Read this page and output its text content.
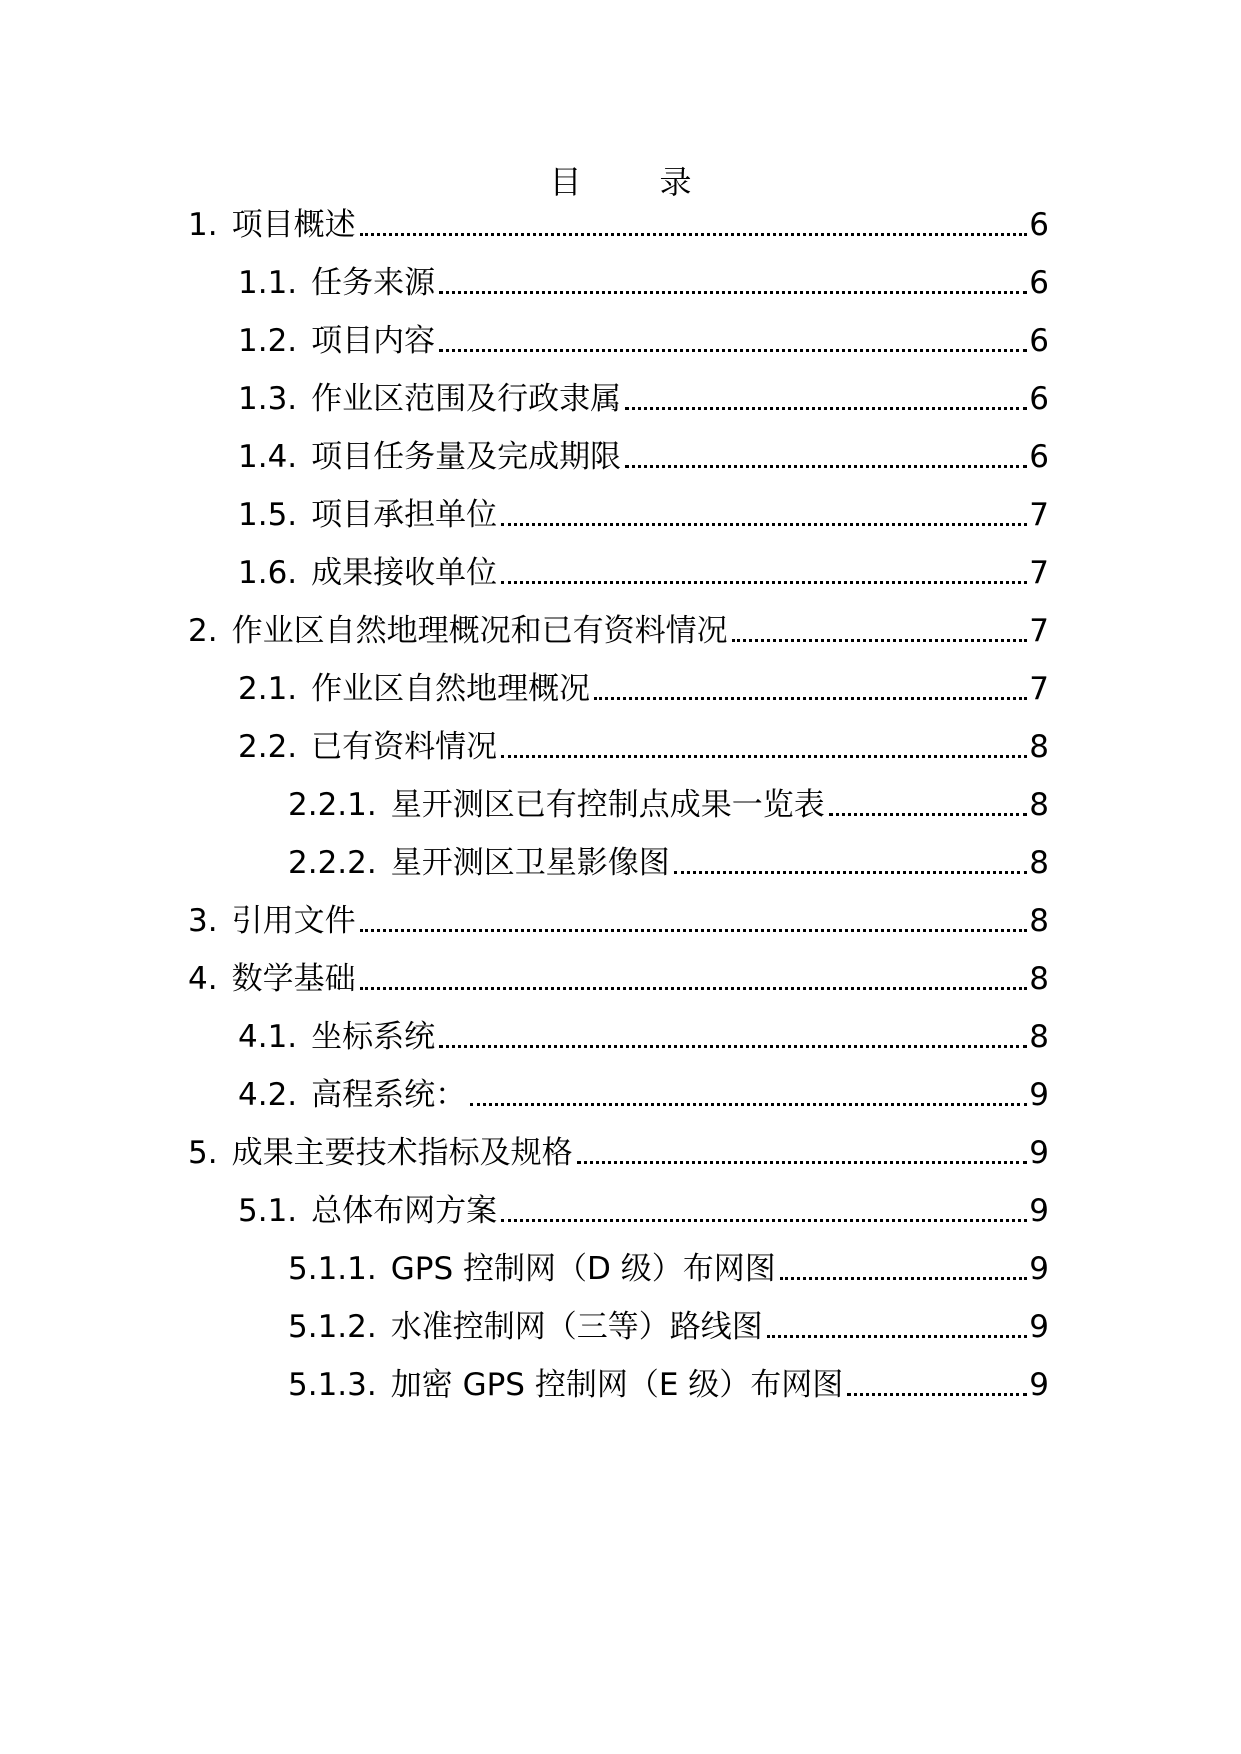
目 录
1. 项目概述	6
1.1. 任务来源	6
1.2. 项目内容	6
1.3. 作业区范围及行政隶属	6
1.4. 项目任务量及完成期限	6
1.5. 项目承担单位	7
1.6. 成果接收单位	7
2. 作业区自然地理概况和已有资料情况	7
2.1. 作业区自然地理概况	7
2.2. 已有资料情况	8
2.2.1. 星开测区已有控制点成果一览表	8
2.2.2. 星开测区卫星影像图	8
3. 引用文件	8
4. 数学基础	8
4.1. 坐标系统	8
4.2. 高程系统：	9
5. 成果主要技术指标及规格	9
5.1. 总体布网方案	9
5.1.1. GPS 控制网（D 级）布网图	9
5.1.2. 水准控制网（三等）路线图	9
5.1.3. 加密 GPS 控制网（E 级）布网图	9
